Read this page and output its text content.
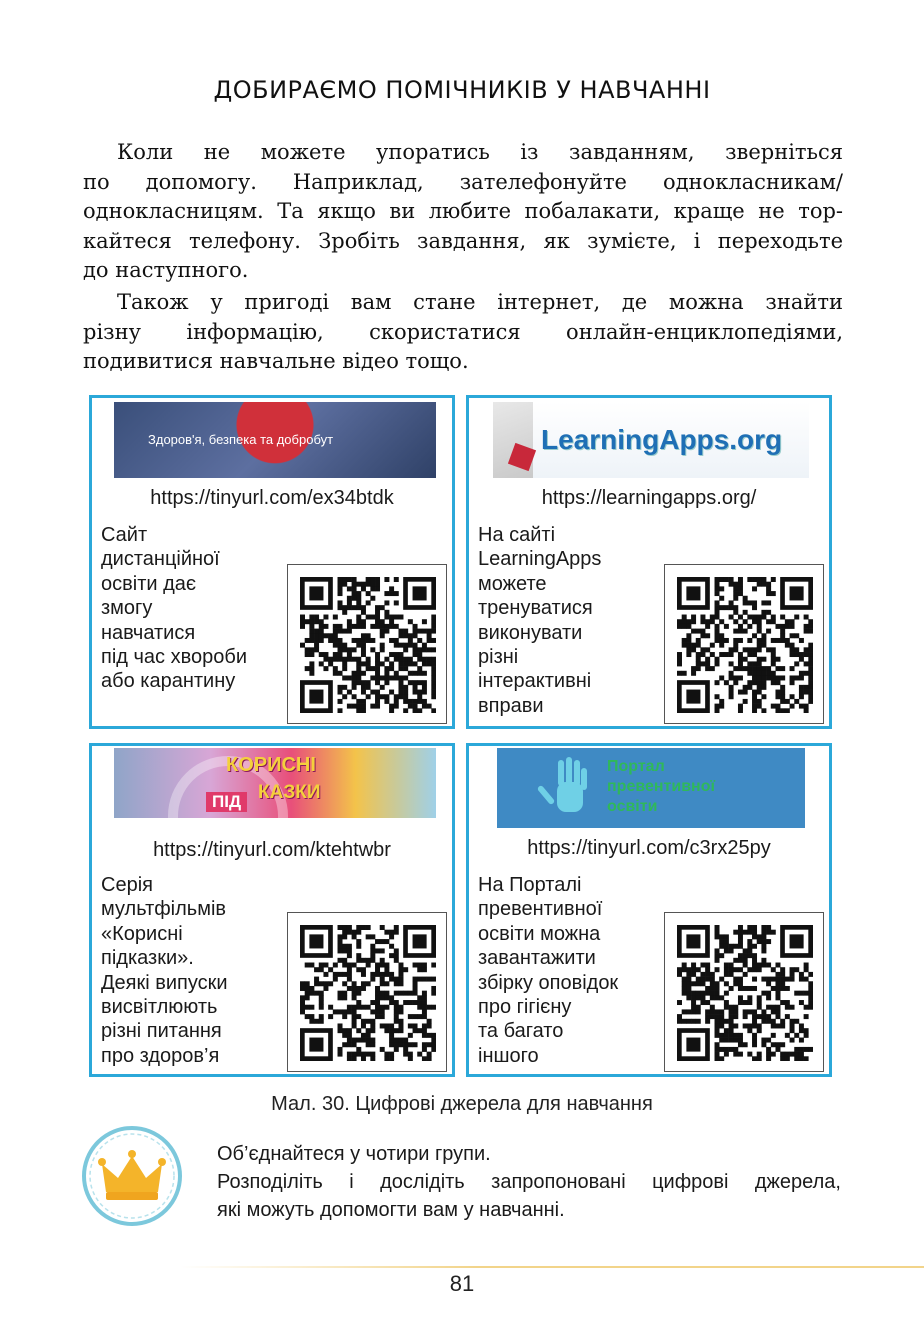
ДОБИРАЄМО ПОМІЧНИКІВ У НАВЧАННІ
Коли не можете упоратись із завданням, зверніться
по допомогу. Наприклад, зателефонуйте однокласникам/
однокласницям. Та якщо ви любите побалакати, краще не тор-
кайтеся телефону. Зробіть завдання, як зумієте, і переходьте
до наступного.
Також у пригоді вам стане інтернет, де можна знайти
різну інформацію, скористатися онлайн-енциклопедіями,
подивитися навчальне відео тощо.
Здоров'я, безпека та добробут
https://tinyurl.com/ex34btdk
Сайт
дистанційної
освіти дає
змогу
навчатися
під час хвороби
або карантину
LearningApps.org
https://learningapps.org/
На сайті
LearningApps
можете
тренуватися
виконувати
різні
інтерактивні
вправи
КОРИСНІ
ПІД КАЗКИ
https://tinyurl.com/ktehtwbr
Серія
мультфільмів
«Корисні
підказки».
Деякі випуски
висвітлюють
різні питання
про здоров’я
Портал
превентивної
освіти
https://tinyurl.com/c3rx25py
На Порталі
превентивної
освіти можна
завантажити
збірку оповідок
про гігієну
та багато
іншого
Мал. 30. Цифрові джерела для навчання
Об’єднайтеся у чотири групи.
Розподіліть і дослідіть запропоновані цифрові джерела,
які можуть допомогти вам у навчанні.
81
